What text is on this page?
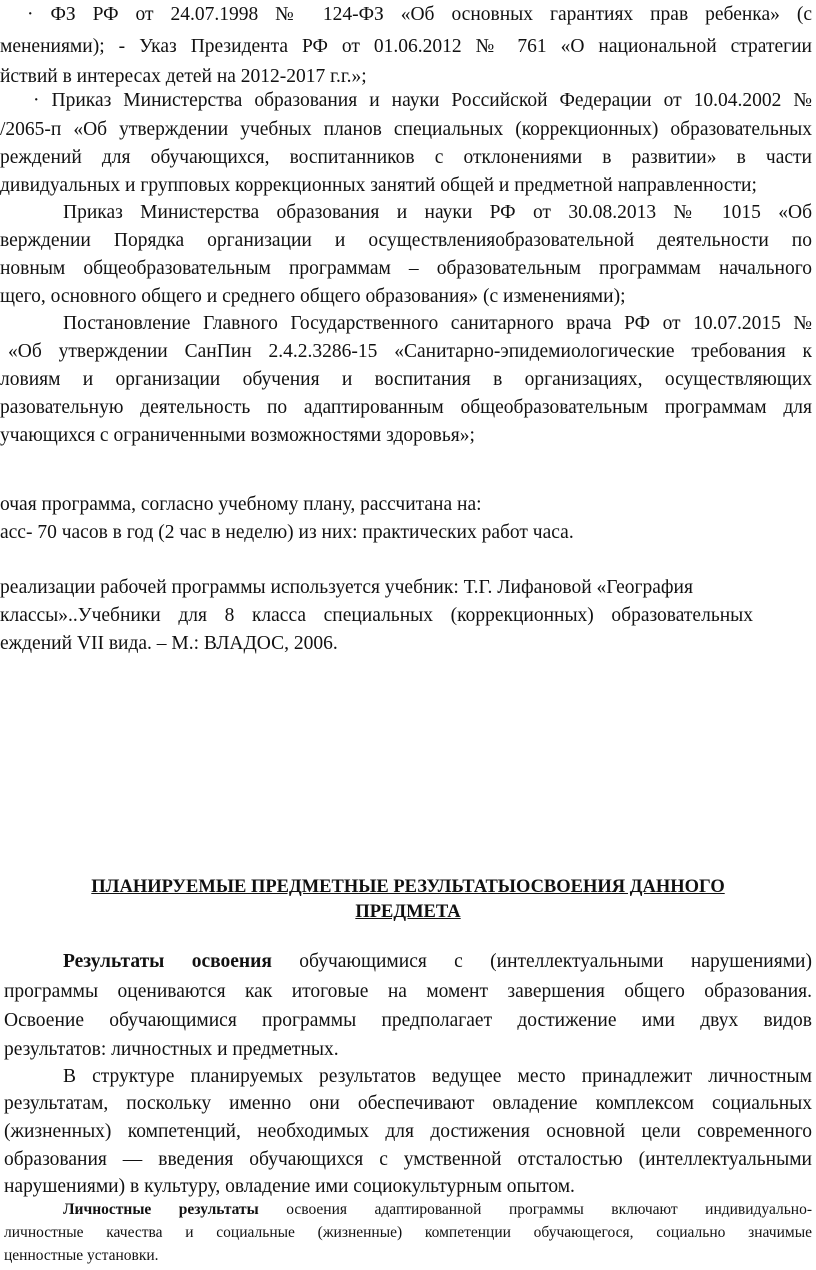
· ФЗ РФ от 24.07.1998 № 124-ФЗ «Об основных гарантиях прав ребенка» (с
менениями); - Указ Президента РФ от 01.06.2012 № 761 «О национальной стратегии
йствий в интересах детей на 2012-2017 г.г.»;
· Приказ Министерства образования и науки Российской Федерации от 10.04.2002 №
/2065-п «Об утверждении учебных планов специальных (коррекционных) образовательных
реждений для обучающихся, воспитанников с отклонениями в развитии» в части
дивидуальных и групповых коррекционных занятий общей и предметной направленности;
Приказ Министерства образования и науки РФ от 30.08.2013 № 1015 «Об
верждении Порядка организации и осуществленияобразовательной деятельности по
новным общеобразовательным программам – образовательным программам начального
щего, основного общего и среднего общего образования» (с изменениями);
Постановление Главного Государственного санитарного врача РФ от 10.07.2015 №
«Об утверждении СанПин 2.4.2.3286-15 «Санитарно-эпидемиологические требования к
ловиям и организации обучения и воспитания в организациях, осуществляющих
разовательную деятельность по адаптированным общеобразовательным программам для
учающихся с ограниченными возможностями здоровья»;
очая программа, согласно учебному плану, рассчитана на:
асс- 70 часов в год (2 час в неделю) из них: практических работ часа.
реализации рабочей программы используется учебник: Т.Г. Лифановой «География
классы»..Учебники для 8 класса специальных (коррекционных) образовательных
еждений VII вида. – М.: ВЛАДОС, 2006.
ПЛАНИРУЕМЫЕ ПРЕДМЕТНЫЕ РЕЗУЛЬТАТЫОСВОЕНИЯ ДАННОГО
ПРЕДМЕТА
Результаты освоения обучающимися с (интеллектуальными нарушениями)
программы оцениваются как итоговые на момент завершения общего образования.
Освоение обучающимися программы предполагает достижение ими двух видов
результатов: личностных и предметных.
В структуре планируемых результатов ведущее место принадлежит личностным
результатам, поскольку именно они обеспечивают овладение комплексом социальных
(жизненных) компетенций, необходимых для достижения основной цели современного
образования — введения обучающихся с умственной отсталостью (интеллектуальными
нарушениями) в культуру, овладение ими социокультурным опытом.
Личностные результаты освоения адаптированной программы включают индивидуально-
личностные качества и социальные (жизненные) компетенции обучающегося, социально значимые
ценностные установки.
